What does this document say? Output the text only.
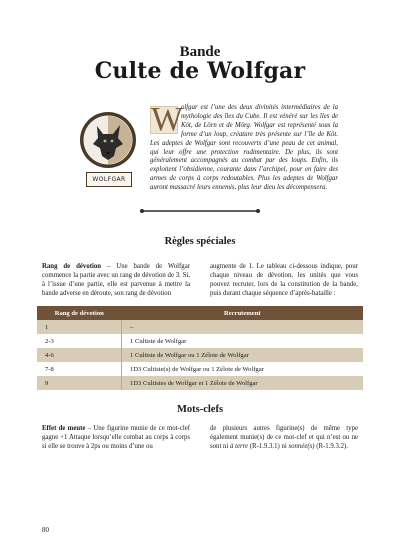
Bande
Culte de Wolfgar
WOLFGAR
W
olfgar est l’une des deux divinités intermédiaires de la mythologie des îles du Cube. Il est vénéré sur les îles de Köt, de Lörn et de Mörg. Wolfgar est représenté sous la forme d’un loup, créature très présente sur l’île de Köt. Les adeptes de Wolfgar sont recouverts d’une peau de cet animal, qui leur offre une protection rudimentaire. De plus, ils sont généralement accompagnés au combat par des loups. Enfin, ils exploitent l’obsidienne, courante dans l’archipel, pour en faire des armes de corps à corps redoutables. Plus les adeptes de Wolfgar auront massacré leurs ennemis, plus leur dieu les décompensera.
Règles spéciales
Rang de dévotion – Une bande de Wolfgar commence la partie avec un rang de dévotion de 3. Si, à l’issue d’une partie, elle est parvenue à mettre la bande adverse en déroute, son rang de dévotion
augmente de 1. Le tableau ci-dessous indique, pour chaque niveau de dévotion, les unités que vous pouvez recruter, lors de la constitution de la bande, puis durant chaque séquence d’après-bataille :
Rang de dévotion	Recrutement
1	–
2-3	1 Cultiste de Wolfgar
4-6	1 Cultiste de Wolfgar ou 1 Zélote de Wolfgar
7-8	1D3 Cultiste(s) de Wolfgar ou 1 Zélote de Wolfgar
9	1D3 Cultistes de Wolfgar et 1 Zélote de Wolfgar
Mots-clefs
Effet de meute – Une figurine munie de ce mot-clef gagne +1 Attaque lorsqu’elle combat au corps à corps si elle se trouve à 2ps ou moins d’une ou
de plusieurs autres figurine(s) de même type également munie(s) de ce mot-clef et qui n’est ou ne sont ni à terre (R-1.9.3.1) ni sonnée(s) (R-1.9.3.2).
80
